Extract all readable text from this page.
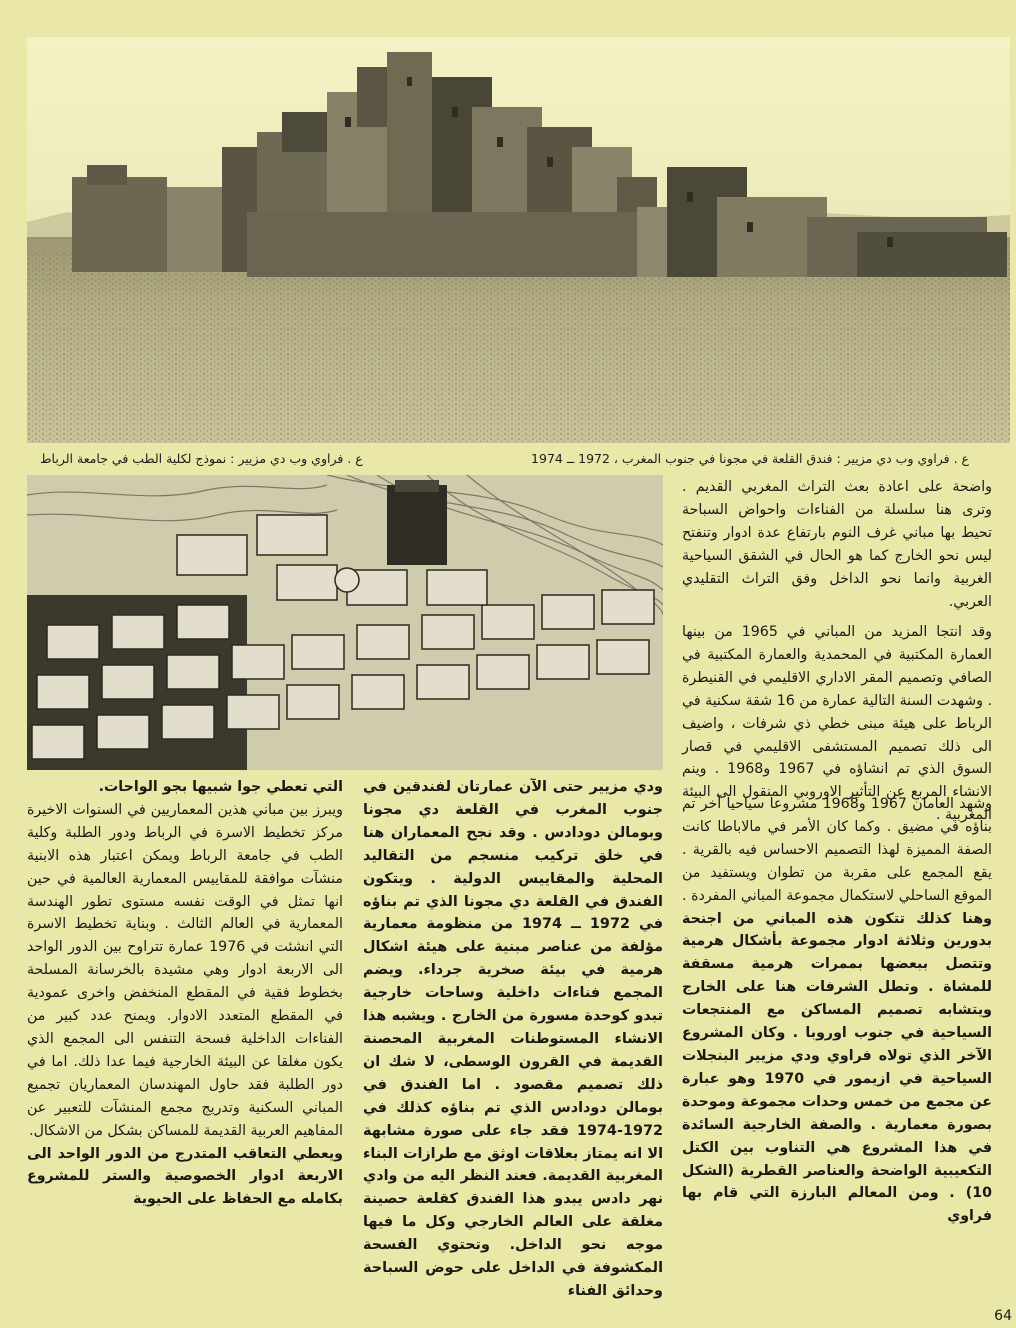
ع . فراوي وب دي مزيير : فندق القلعة في مجونا في جنوب المغرب ، 1972 ــ 1974
ع . فراوي وب دي مزيير : نموذج لكلية الطب في جامعة الرباط

واضحة على اعادة بعث التراث المغربي القديم . وترى هنا سلسلة من الفناءات واحواض السباحة تحيط بها مباني غرف النوم بارتفاع عدة ادوار وتنفتح ليس نحو الخارج كما هو الحال في الشقق السياحية الغربية وانما نحو الداخل وفق التراث التقليدي العربي.

وقد انتجا المزيد من المباني في 1965 من بينها العمارة المكتبية في المحمدية والعمارة المكتبية في الصافي وتصميم المقر الاداري الاقليمي في القنيطرة . وشهدت السنة التالية عمارة من 16 شقة سكنية في الرباط على هيئة مبنى خطي ذي شرفات ، واضيف الى ذلك تصميم المستشفى الاقليمي في قصار السوق الذي تم انشاؤه في 1967 و1968 . وينم الانشاء المربع عن التأثير الاوروبي المنقول الى البيئة المغربية .

وشهد العامان 1967 و1968 مشروعا سياحيا آخر تم بناؤه في مضيق . وكما كان الأمر في مالاباطا كانت الصفة المميزة لهذا التصميم الاحساس فيه بالقرية . يقع المجمع على مقربة من تطوان ويستفيد من الموقع الساحلي لاستكمال مجموعة المباني المفردة . وهنا كذلك تتكون هذه المباني من اجنحة بدورين وثلاثة ادوار مجموعة بأشكال هرمية وتتصل ببعضها بممرات هرمية مسقفة للمشاة . وتطل الشرفات هنا على الخارج ويتشابه تصميم المساكن مع المنتجعات السياحية في جنوب اوروبا . وكان المشروع الآخر الذي تولاه فراوي ودي مزيير البنجلات السياحية في ازيمور في 1970 وهو عبارة عن مجمع من خمس وحدات مجموعة وموحدة بصورة معمارية . والصفة الخارجية السائدة في هذا المشروع هي التناوب بين الكتل التكعيبية الواضحة والعناصر القطرية (الشكل 10) . ومن المعالم البارزة التي قام بها فراوي

ودي مزيير حتى الآن عمارتان لفندقين في جنوب المغرب في القلعة دي مجونا وبومالن دودادس . وقد نجح المعماران هنا في خلق تركيب منسجم من التقاليد المحلية والمقاييس الدولية . ويتكون الفندق في القلعة دي مجونا الذي تم بناؤه في 1972 ــ 1974 من منظومة معمارية مؤلفة من عناصر مبنية على هيئة اشكال هرمية في بيئة صخرية جرداء. ويضم المجمع فناءات داخلية وساحات خارجية تبدو كوحدة مسورة من الخارج . ويشبه هذا الانشاء المستوطنات المغربية المحصنة القديمة في القرون الوسطى، لا شك ان ذلك تصميم مقصود . اما الفندق في بومالن دودادس الذي تم بناؤه كذلك في 1972-1974 فقد جاء على صورة مشابهة الا انه يمتاز بعلاقات اوثق مع طرازات البناء المغربية القديمة. فعند النظر اليه من وادي نهر دادس يبدو هذا الفندق كقلعة حصينة مغلقة على العالم الخارجي وكل ما فيها موجه نحو الداخل. وتحتوي الفسحة المكشوفة في الداخل على حوض السباحة وحدائق الفناء

التي تعطي جوا شبيها بجو الواحات.

ويبرز بين مباني هذين المعماريين في السنوات الاخيرة مركز تخطيط الاسرة في الرباط ودور الطلبة وكلية الطب في جامعة الرباط ويمكن اعتبار هذه الابنية منشآت موافقة للمقاييس المعمارية العالمية في حين انها تمثل في الوقت نفسه مستوى تطور الهندسة المعمارية في العالم الثالث . وبناية تخطيط الاسرة التي انشئت في 1976 عمارة تتراوح بين الدور الواحد الى الاربعة ادوار وهي مشيدة بالخرسانة المسلحة بخطوط فقية في المقطع المنخفض واخرى عمودية في المقطع المتعدد الادوار. ويمنح عدد كبير من الفناءات الداخلية فسحة التنفس الى المجمع الذي يكون مغلقا عن البيئة الخارجية فيما عدا ذلك. اما في دور الطلبة فقد حاول المهندسان المعماريان تجميع المباني السكنية وتدريج مجمع المنشآت للتعبير عن المفاهيم العربية القديمة للمساكن بشكل من الاشكال.

ويعطي التعاقب المتدرج من الدور الواحد الى الاربعة ادوار الخصوصية والستر للمشروع بكامله مع الحفاظ على الحيوية

64
